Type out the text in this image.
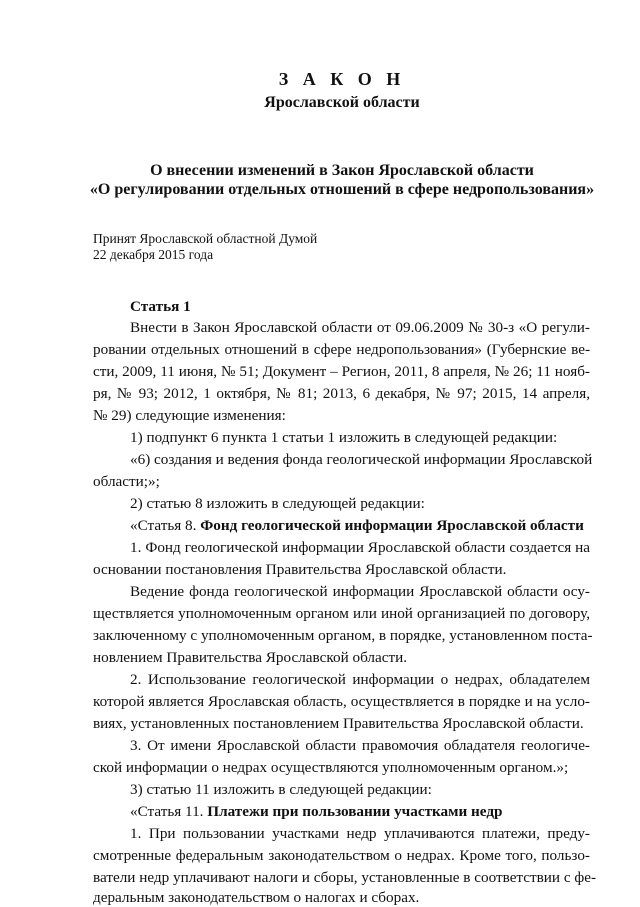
З А К О Н
Ярославской области
О внесении изменений в Закон Ярославской области
«О регулировании отдельных отношений в сфере недропользования»
Принят Ярославской областной Думой
22 декабря 2015 года
Статья 1
Внести в Закон Ярославской области от 09.06.2009 № 30-з «О регули-
ровании отдельных отношений в сфере недропользования» (Губернские ве-
сти, 2009, 11 июня, № 51; Документ – Регион, 2011, 8 апреля, № 26; 11 нояб-
ря, № 93; 2012, 1 октября, № 81; 2013, 6 декабря, № 97; 2015, 14 апреля,
№ 29) следующие изменения:
1) подпункт 6 пункта 1 статьи 1 изложить в следующей редакции:
«6) создания и ведения фонда геологической информации Ярославской
области;»;
2) статью 8 изложить в следующей редакции:
«Статья 8. Фонд геологической информации Ярославской области
1. Фонд геологической информации Ярославской области создается на
основании постановления Правительства Ярославской области.
Ведение фонда геологической информации Ярославской области осу-
ществляется уполномоченным органом или иной организацией по договору,
заключенному с уполномоченным органом, в порядке, установленном поста-
новлением Правительства Ярославской области.
2. Использование геологической информации о недрах, обладателем
которой является Ярославская область, осуществляется в порядке и на усло-
виях, установленных постановлением Правительства Ярославской области.
3. От имени Ярославской области правомочия обладателя геологиче-
ской информации о недрах осуществляются уполномоченным органом.»;
3) статью 11 изложить в следующей редакции:
«Статья 11. Платежи при пользовании участками недр
1. При пользовании участками недр уплачиваются платежи, преду-
смотренные федеральным законодательством о недрах. Кроме того, пользо-
ватели недр уплачивают налоги и сборы, установленные в соответствии с фе-
деральным законодательством о налогах и сборах.
